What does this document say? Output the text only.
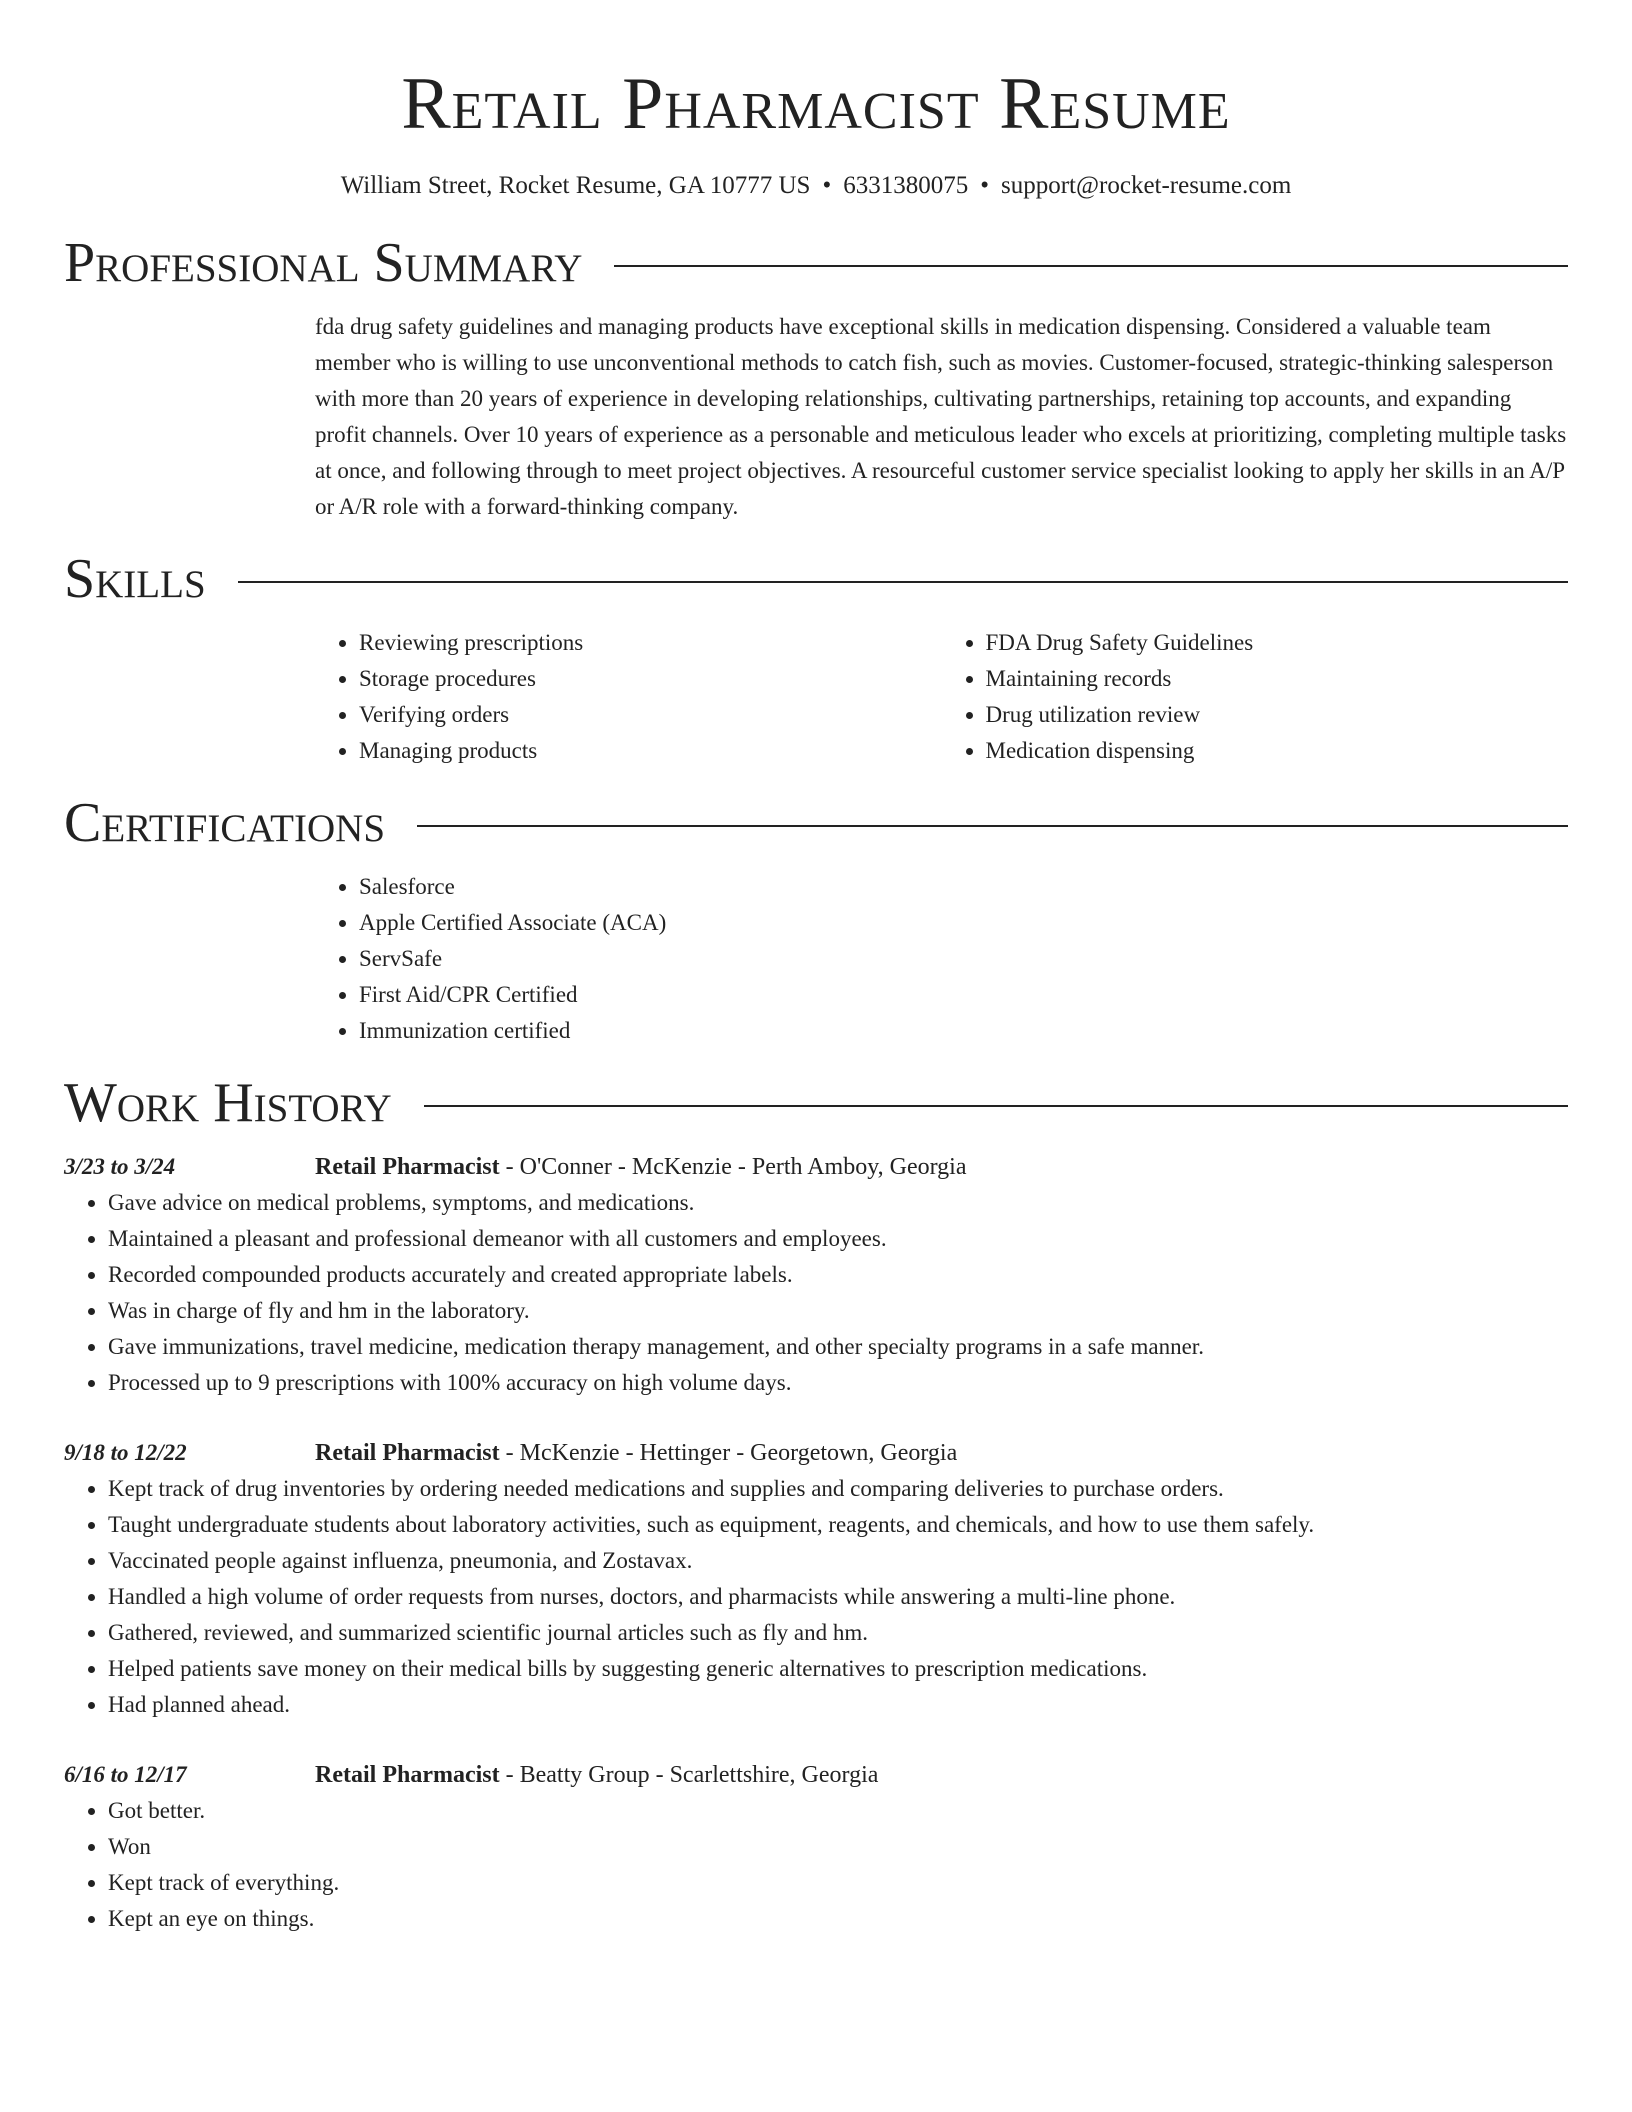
Retail Pharmacist Resume
William Street, Rocket Resume, GA 10777 US • 6331380075 • support@rocket-resume.com
Professional Summary

fda drug safety guidelines and managing products have exceptional skills in medication dispensing. Considered a valuable team member who is willing to use unconventional methods to catch fish, such as movies. Customer-focused, strategic-thinking salesperson with more than 20 years of experience in developing relationships, cultivating partnerships, retaining top accounts, and expanding profit channels. Over 10 years of experience as a personable and meticulous leader who excels at prioritizing, completing multiple tasks at once, and following through to meet project objectives. A resourceful customer service specialist looking to apply her skills in an A/P or A/R role with a forward-thinking company.

Skills
• Reviewing prescriptions
• Storage procedures
• Verifying orders
• Managing products
• FDA Drug Safety Guidelines
• Maintaining records
• Drug utilization review
• Medication dispensing
Certifications
• Salesforce
• Apple Certified Associate (ACA)
• ServSafe
• First Aid/CPR Certified
• Immunization certified
Work History
3/23 to 3/24	Retail Pharmacist - O'Conner - McKenzie - Perth Amboy, Georgia
• Gave advice on medical problems, symptoms, and medications.
• Maintained a pleasant and professional demeanor with all customers and employees.
• Recorded compounded products accurately and created appropriate labels.
• Was in charge of fly and hm in the laboratory.
• Gave immunizations, travel medicine, medication therapy management, and other specialty programs in a safe manner.
• Processed up to 9 prescriptions with 100% accuracy on high volume days.
9/18 to 12/22	Retail Pharmacist - McKenzie - Hettinger - Georgetown, Georgia
• Kept track of drug inventories by ordering needed medications and supplies and comparing deliveries to purchase orders.
• Taught undergraduate students about laboratory activities, such as equipment, reagents, and chemicals, and how to use them safely.
• Vaccinated people against influenza, pneumonia, and Zostavax.
• Handled a high volume of order requests from nurses, doctors, and pharmacists while answering a multi-line phone.
• Gathered, reviewed, and summarized scientific journal articles such as fly and hm.
• Helped patients save money on their medical bills by suggesting generic alternatives to prescription medications.
• Had planned ahead.
6/16 to 12/17	Retail Pharmacist - Beatty Group - Scarlettshire, Georgia
• Got better.
• Won
• Kept track of everything.
• Kept an eye on things.
